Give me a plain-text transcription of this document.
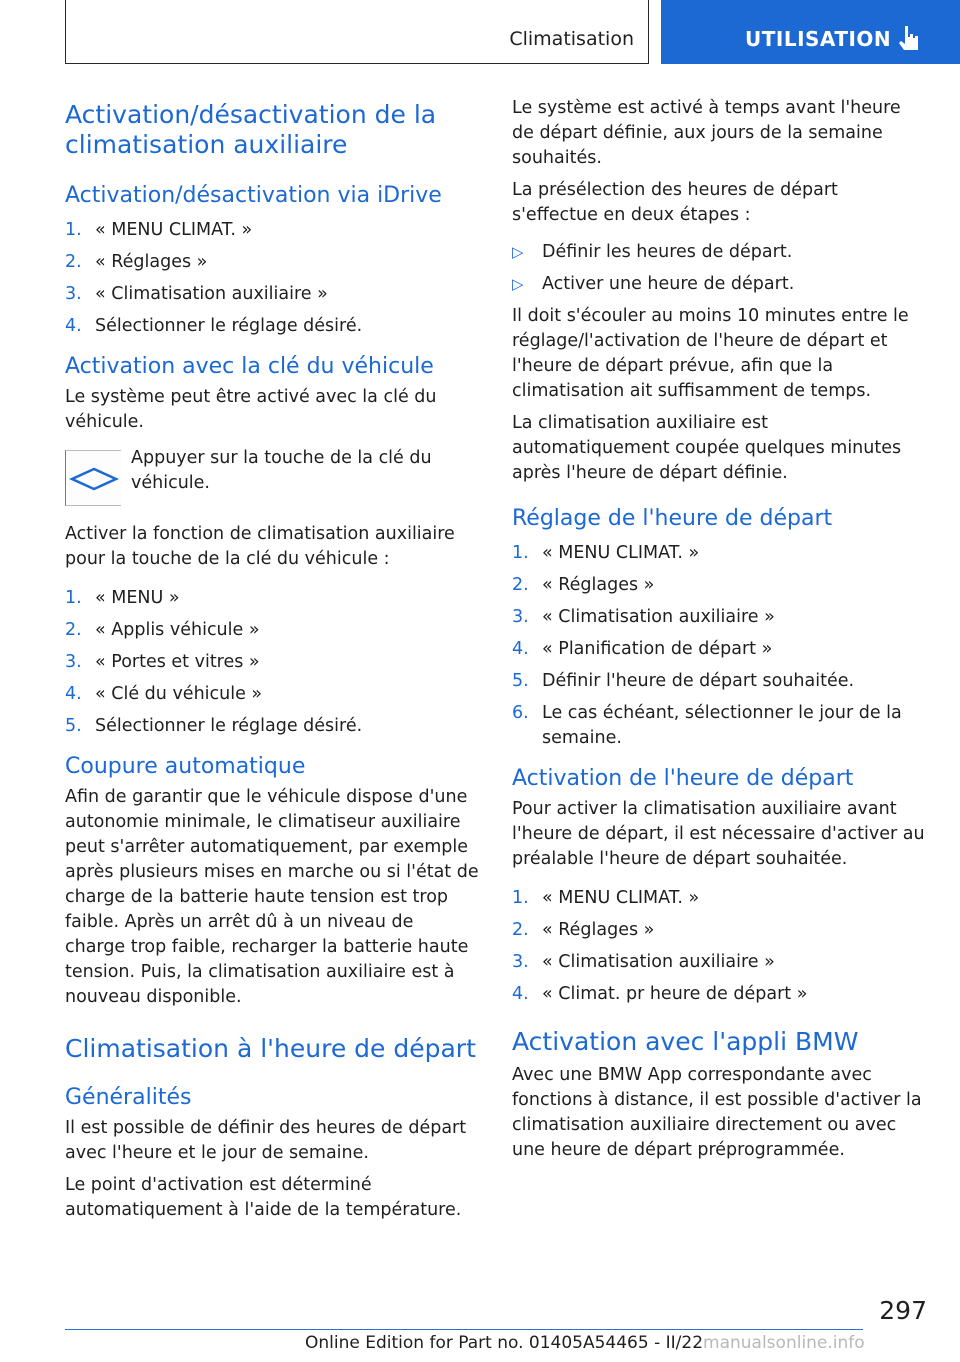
Climatisation	UTILISATION
Activation/désactivation de la climatisation auxiliaire
Activation/désactivation via iDrive
1. « MENU CLIMAT. »
2. « Réglages »
3. « Climatisation auxiliaire »
4. Sélectionner le réglage désiré.
Activation avec la clé du véhicule

Le système peut être activé avec la clé du véhicule.

Appuyer sur la touche de la clé du véhicule.

Activer la fonction de climatisation auxiliaire pour la touche de la clé du véhicule :

1. « MENU »
2. « Applis véhicule »
3. « Portes et vitres »
4. « Clé du véhicule »
5. Sélectionner le réglage désiré.
Coupure automatique

Afin de garantir que le véhicule dispose d'une autonomie minimale, le climatiseur auxiliaire peut s'arrêter automatiquement, par exemple après plusieurs mises en marche ou si l'état de charge de la batterie haute tension est trop faible. Après un arrêt dû à un niveau de charge trop faible, recharger la batterie haute tension. Puis, la climatisation auxiliaire est à nouveau disponible.

Climatisation à l'heure de départ
Généralités

Il est possible de définir des heures de départ avec l'heure et le jour de semaine.

Le point d'activation est déterminé automatiquement à l'aide de la température.

Le système est activé à temps avant l'heure de départ définie, aux jours de la semaine souhaités.

La présélection des heures de départ s'effectue en deux étapes :

▷ Définir les heures de départ.
▷ Activer une heure de départ.

Il doit s'écouler au moins 10 minutes entre le réglage/l'activation de l'heure de départ et l'heure de départ prévue, afin que la climatisation ait suffisamment de temps.

La climatisation auxiliaire est automatiquement coupée quelques minutes après l'heure de départ définie.

Réglage de l'heure de départ
1. « MENU CLIMAT. »
2. « Réglages »
3. « Climatisation auxiliaire »
4. « Planification de départ »
5. Définir l'heure de départ souhaitée.
6. Le cas échéant, sélectionner le jour de la semaine.
Activation de l'heure de départ

Pour activer la climatisation auxiliaire avant l'heure de départ, il est nécessaire d'activer au préalable l'heure de départ souhaitée.

1. « MENU CLIMAT. »
2. « Réglages »
3. « Climatisation auxiliaire »
4. « Climat. pr heure de départ »
Activation avec l'appli BMW

Avec une BMW App correspondante avec fonctions à distance, il est possible d'activer la climatisation auxiliaire directement ou avec une heure de départ préprogrammée.

297
Online Edition for Part no. 01405A54465 - II/22manualsonline.info
